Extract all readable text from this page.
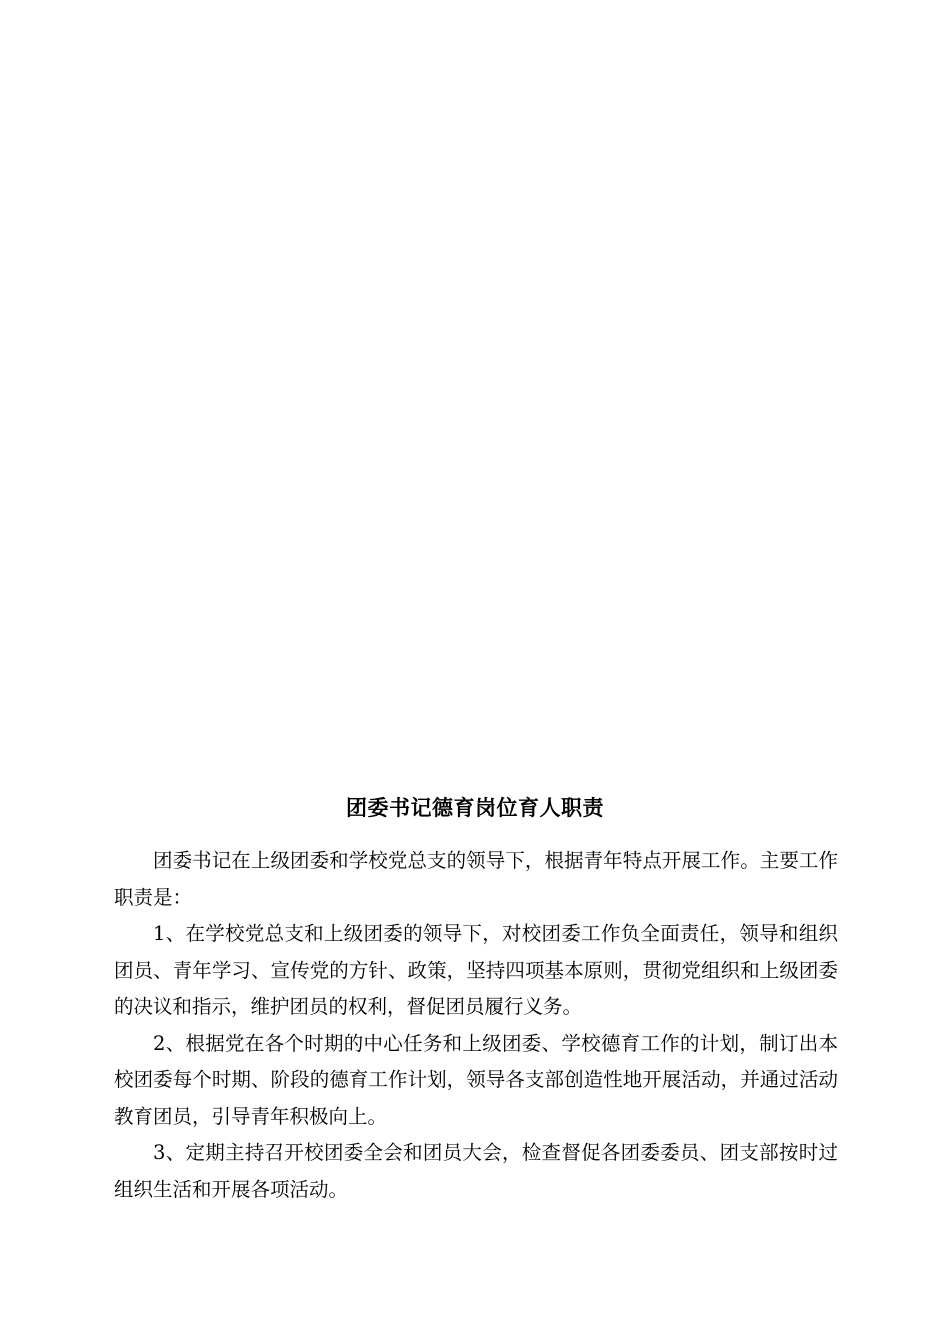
团委书记德育岗位育人职责

团委书记在上级团委和学校党总支的领导下，根据青年特点开展工作。主要工作职责是：

1、在学校党总支和上级团委的领导下，对校团委工作负全面责任，领导和组织团员、青年学习、宣传党的方针、政策，坚持四项基本原则，贯彻党组织和上级团委的决议和指示，维护团员的权利，督促团员履行义务。

2、根据党在各个时期的中心任务和上级团委、学校德育工作的计划，制订出本校团委每个时期、阶段的德育工作计划，领导各支部创造性地开展活动，并通过活动教育团员，引导青年积极向上。

3、定期主持召开校团委全会和团员大会，检查督促各团委委员、团支部按时过组织生活和开展各项活动。
